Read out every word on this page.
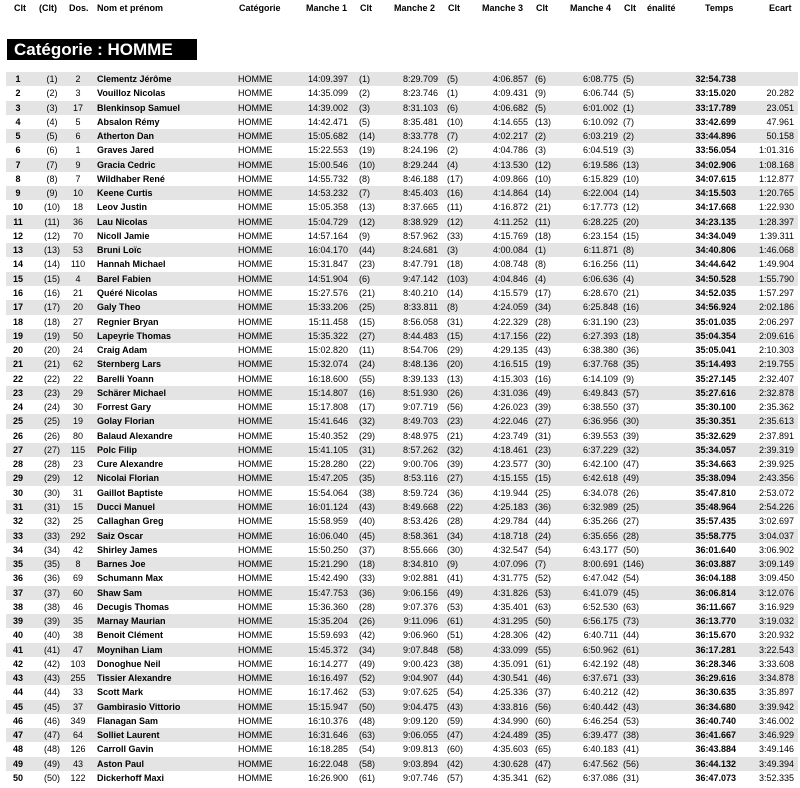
Clt (Clt) Dos. Nom et prénom	Catégorie	Manche 1 Clt Manche 2 Clt Manche 3 Clt Manche 4 Clt énalité	Temps	Ecart
Catégorie : HOMME
1	(1)	2	Clementz Jérôme	HOMME	14:09.397 (1)	8:29.709 (5)	4:06.857 (6)	6:08.775 (5)	32:54.738
2	(2)	3	Vouilloz Nicolas	HOMME	14:35.099 (2)	8:23.746 (1)	4:09.431 (9)	6:06.744 (5)	33:15.020	20.282
3	(3)	17	Blenkinsop Samuel	HOMME	14:39.002 (3)	8:31.103 (6)	4:06.682 (5)	6:01.002 (1)	33:17.789	23.051
4	(4)	5	Absalon Rémy	HOMME	14:42.471 (5)	8:35.481 (10)	4:14.655 (13)	6:10.092 (7)	33:42.699	47.961
5	(5)	6	Atherton Dan	HOMME	15:05.682 (14)	8:33.778 (7)	4:02.217 (2)	6:03.219 (2)	33:44.896	50.158
6	(6)	1	Graves Jared	HOMME	15:22.553 (19)	8:24.196 (2)	4:04.786 (3)	6:04.519 (3)	33:56.054	1:01.316
7	(7)	9	Gracia Cedric	HOMME	15:00.546 (10)	8:29.244 (4)	4:13.530 (12)	6:19.586 (13)	34:02.906	1:08.168
8	(8)	7	Wildhaber René	HOMME	14:55.732 (8)	8:46.188 (17)	4:09.866 (10)	6:15.829 (10)	34:07.615	1:12.877
9	(9)	10	Keene Curtis	HOMME	14:53.232 (7)	8:45.403 (16)	4:14.864 (14)	6:22.004 (14)	34:15.503	1:20.765
10	(10)	18	Leov Justin	HOMME	15:05.358 (13)	8:37.665 (11)	4:16.872 (21)	6:17.773 (12)	34:17.668	1:22.930
11	(11)	36	Lau Nicolas	HOMME	15:04.729 (12)	8:38.929 (12)	4:11.252 (11)	6:28.225 (20)	34:23.135	1:28.397
12	(12)	70	Nicoll Jamie	HOMME	14:57.164 (9)	8:57.962 (33)	4:15.769 (18)	6:23.154 (15)	34:34.049	1:39.311
13	(13)	53	Bruni Loïc	HOMME	16:04.170 (44)	8:24.681 (3)	4:00.084 (1)	6:11.871 (8)	34:40.806	1:46.068
14	(14)	110	Hannah Michael	HOMME	15:31.847 (23)	8:47.791 (18)	4:08.748 (8)	6:16.256 (11)	34:44.642	1:49.904
15	(15)	4	Barel Fabien	HOMME	14:51.904 (6)	9:47.142 (103)	4:04.846 (4)	6:06.636 (4)	34:50.528	1:55.790
16	(16)	21	Quéré Nicolas	HOMME	15:27.576 (21)	8:40.210 (14)	4:15.579 (17)	6:28.670 (21)	34:52.035	1:57.297
17	(17)	20	Galy Theo	HOMME	15:33.206 (25)	8:33.811 (8)	4:24.059 (34)	6:25.848 (16)	34:56.924	2:02.186
18	(18)	27	Regnier Bryan	HOMME	15:11.458 (15)	8:56.058 (31)	4:22.329 (28)	6:31.190 (23)	35:01.035	2:06.297
19	(19)	50	Lapeyrie Thomas	HOMME	15:35.322 (27)	8:44.483 (15)	4:17.156 (22)	6:27.393 (18)	35:04.354	2:09.616
20	(20)	24	Craig Adam	HOMME	15:02.820 (11)	8:54.706 (29)	4:29.135 (43)	6:38.380 (36)	35:05.041	2:10.303
21	(21)	62	Sternberg Lars	HOMME	15:32.074 (24)	8:48.136 (20)	4:16.515 (19)	6:37.768 (35)	35:14.493	2:19.755
22	(22)	22	Barelli Yoann	HOMME	16:18.600 (55)	8:39.133 (13)	4:15.303 (16)	6:14.109 (9)	35:27.145	2:32.407
23	(23)	29	Schärer Michael	HOMME	15:14.807 (16)	8:51.930 (26)	4:31.036 (49)	6:49.843 (57)	35:27.616	2:32.878
24	(24)	30	Forrest Gary	HOMME	15:17.808 (17)	9:07.719 (56)	4:26.023 (39)	6:38.550 (37)	35:30.100	2:35.362
25	(25)	19	Golay Florian	HOMME	15:41.646 (32)	8:49.703 (23)	4:22.046 (27)	6:36.956 (30)	35:30.351	2:35.613
26	(26)	80	Balaud Alexandre	HOMME	15:40.352 (29)	8:48.975 (21)	4:23.749 (31)	6:39.553 (39)	35:32.629	2:37.891
27	(27)	115	Polc Filip	HOMME	15:41.105 (31)	8:57.262 (32)	4:18.461 (23)	6:37.229 (32)	35:34.057	2:39.319
28	(28)	23	Cure Alexandre	HOMME	15:28.280 (22)	9:00.706 (39)	4:23.577 (30)	6:42.100 (47)	35:34.663	2:39.925
29	(29)	12	Nicolai Florian	HOMME	15:47.205 (35)	8:53.116 (27)	4:15.155 (15)	6:42.618 (49)	35:38.094	2:43.356
30	(30)	31	Gaillot Baptiste	HOMME	15:54.064 (38)	8:59.724 (36)	4:19.944 (25)	6:34.078 (26)	35:47.810	2:53.072
31	(31)	15	Ducci Manuel	HOMME	16:01.124 (43)	8:49.668 (22)	4:25.183 (36)	6:32.989 (25)	35:48.964	2:54.226
32	(32)	25	Callaghan Greg	HOMME	15:58.959 (40)	8:53.426 (28)	4:29.784 (44)	6:35.266 (27)	35:57.435	3:02.697
33	(33)	292	Saiz Oscar	HOMME	16:06.040 (45)	8:58.361 (34)	4:18.718 (24)	6:35.656 (28)	35:58.775	3:04.037
34	(34)	42	Shirley James	HOMME	15:50.250 (37)	8:55.666 (30)	4:32.547 (54)	6:43.177 (50)	36:01.640	3:06.902
35	(35)	8	Barnes Joe	HOMME	15:21.290 (18)	8:34.810 (9)	4:07.096 (7)	8:00.691 (146)	36:03.887	3:09.149
36	(36)	69	Schumann Max	HOMME	15:42.490 (33)	9:02.881 (41)	4:31.775 (52)	6:47.042 (54)	36:04.188	3:09.450
37	(37)	60	Shaw Sam	HOMME	15:47.753 (36)	9:06.156 (49)	4:31.826 (53)	6:41.079 (45)	36:06.814	3:12.076
38	(38)	46	Decugis Thomas	HOMME	15:36.360 (28)	9:07.376 (53)	4:35.401 (63)	6:52.530 (63)	36:11.667	3:16.929
39	(39)	35	Marnay Maurian	HOMME	15:35.204 (26)	9:11.096 (61)	4:31.295 (50)	6:56.175 (73)	36:13.770	3:19.032
40	(40)	38	Benoit Clément	HOMME	15:59.693 (42)	9:06.960 (51)	4:28.306 (42)	6:40.711 (44)	36:15.670	3:20.932
41	(41)	47	Moynihan Liam	HOMME	15:45.372 (34)	9:07.848 (58)	4:33.099 (55)	6:50.962 (61)	36:17.281	3:22.543
42	(42)	103	Donoghue Neil	HOMME	16:14.277 (49)	9:00.423 (38)	4:35.091 (61)	6:42.192 (48)	36:28.346	3:33.608
43	(43)	255	Tissier Alexandre	HOMME	16:16.497 (52)	9:04.907 (44)	4:30.541 (46)	6:37.671 (33)	36:29.616	3:34.878
44	(44)	33	Scott Mark	HOMME	16:17.462 (53)	9:07.625 (54)	4:25.336 (37)	6:40.212 (42)	36:30.635	3:35.897
45	(45)	37	Gambirasio Vittorio	HOMME	15:15.947 (50)	9:04.475 (43)	4:33.816 (56)	6:40.442 (43)	36:34.680	3:39.942
46	(46)	349	Flanagan Sam	HOMME	16:10.376 (48)	9:09.120 (59)	4:34.990 (60)	6:46.254 (53)	36:40.740	3:46.002
47	(47)	64	Solliet Laurent	HOMME	16:31.646 (63)	9:06.055 (47)	4:24.489 (35)	6:39.477 (38)	36:41.667	3:46.929
48	(48)	126	Carroll Gavin	HOMME	16:18.285 (54)	9:09.813 (60)	4:35.603 (65)	6:40.183 (41)	36:43.884	3:49.146
49	(49)	43	Aston Paul	HOMME	16:22.048 (58)	9:03.894 (42)	4:30.628 (47)	6:47.562 (56)	36:44.132	3:49.394
50	(50)	122	Dickerhoff Maxi	HOMME	16:26.900 (61)	9:07.746 (57)	4:35.341 (62)	6:37.086 (31)	36:47.073	3:52.335
